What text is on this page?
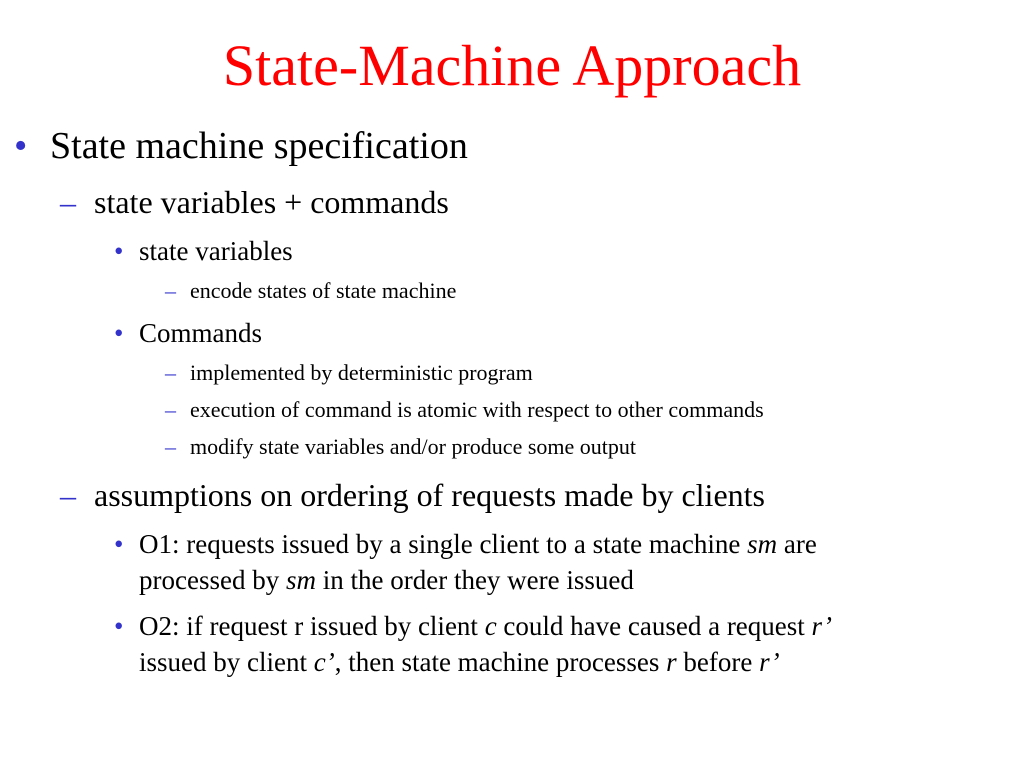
State-Machine Approach
• State machine specification
– state variables + commands
• state variables
– encode states of state machine
• Commands
– implemented by deterministic program
– execution of command is atomic with respect to other commands
– modify state variables and/or produce some output
– assumptions on ordering of requests made by clients
• O1: requests issued by a single client to a state machine sm are
processed by sm in the order they were issued
• O2: if request r issued by client c could have caused a request r’
issued by client c’, then state machine processes r before r’
